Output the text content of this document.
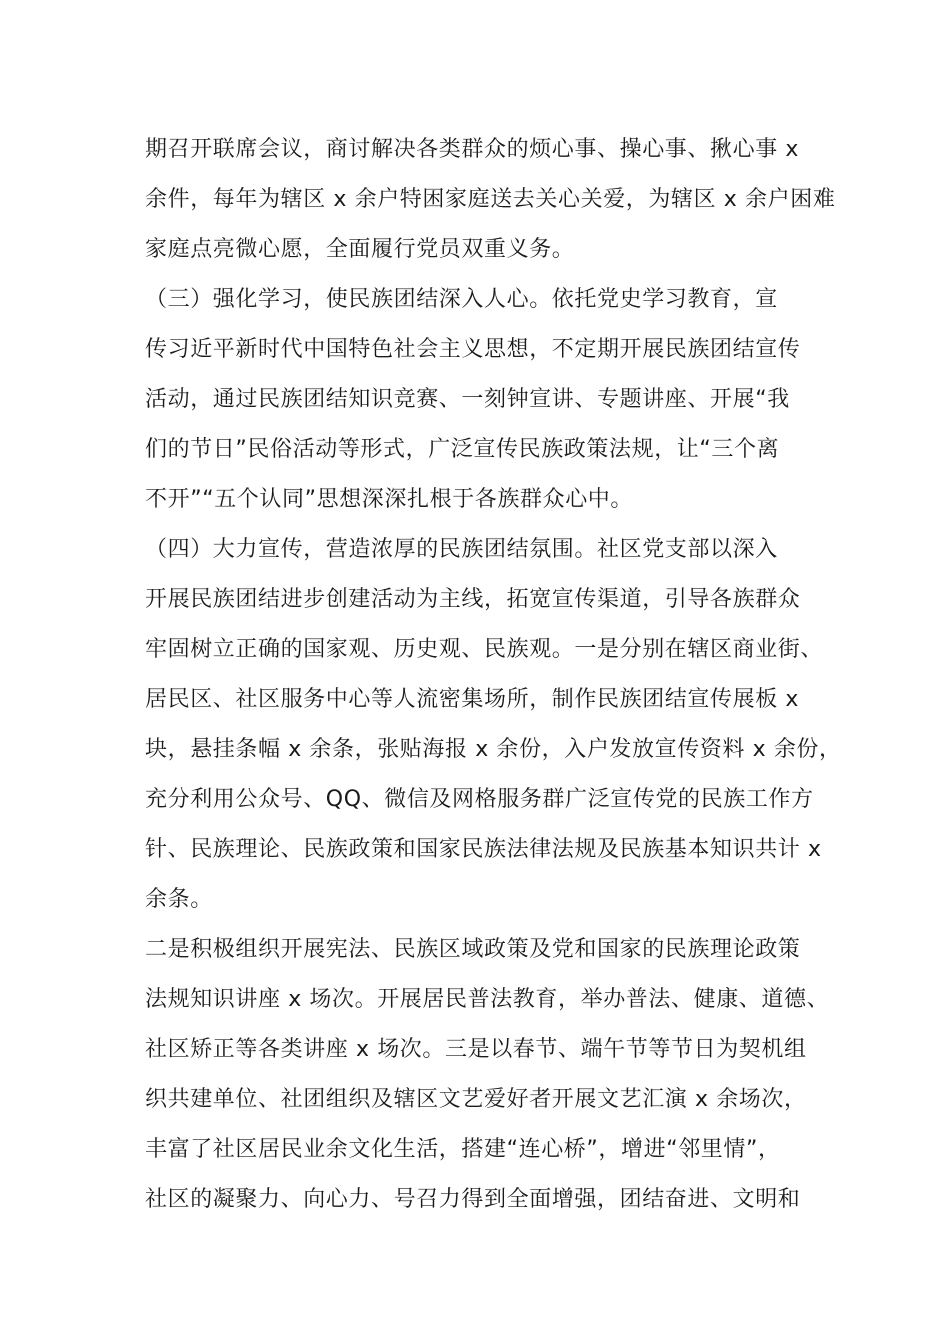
期召开联席会议，商讨解决各类群众的烦心事、操心事、揪心事 x

余件，每年为辖区 x 余户特困家庭送去关心关爱，为辖区 x 余户困难

家庭点亮微心愿，全面履行党员双重义务。

（三）强化学习，使民族团结深入人心。依托党史学习教育，宣

传习近平新时代中国特色社会主义思想，不定期开展民族团结宣传

活动，通过民族团结知识竞赛、一刻钟宣讲、专题讲座、开展“我

们的节日”民俗活动等形式，广泛宣传民族政策法规，让“三个离

不开”“五个认同”思想深深扎根于各族群众心中。

（四）大力宣传，营造浓厚的民族团结氛围。社区党支部以深入

开展民族团结进步创建活动为主线，拓宽宣传渠道，引导各族群众

牢固树立正确的国家观、历史观、民族观。一是分别在辖区商业街、

居民区、社区服务中心等人流密集场所，制作民族团结宣传展板 x

块，悬挂条幅 x 余条，张贴海报 x 余份，入户发放宣传资料 x 余份，

充分利用公众号、QQ、微信及网格服务群广泛宣传党的民族工作方

针、民族理论、民族政策和国家民族法律法规及民族基本知识共计 x

余条。

二是积极组织开展宪法、民族区域政策及党和国家的民族理论政策

法规知识讲座 x 场次。开展居民普法教育，举办普法、健康、道德、

社区矫正等各类讲座 x 场次。三是以春节、端午节等节日为契机组

织共建单位、社团组织及辖区文艺爱好者开展文艺汇演 x 余场次，

丰富了社区居民业余文化生活，搭建“连心桥”，增进“邻里情”，

社区的凝聚力、向心力、号召力得到全面增强，团结奋进、文明和
